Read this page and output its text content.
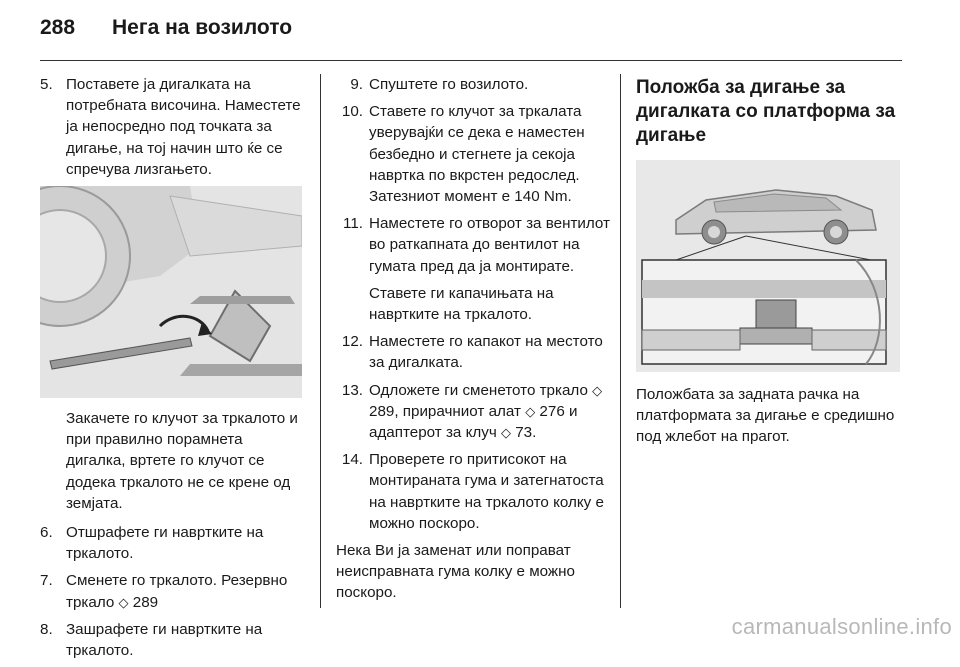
288	Нега на возилото
5. Поставете ја дигалката на потребната височина. Наместете ја непосредно под точката за дигање, на тој начин што ќе се спречува лизгањето.
Закачете го клучот за тркалото и при правилно порамнета дигалка, вртете го клучот се додека тркалото не се крене од земјата.
6. Отшрафете ги навртките на тркалото.
7. Сменете го тркалото. Резервно тркало ◇ 289
8. Зашрафете ги навртките на тркалото.
9. Спуштете го возилото.
10. Ставете го клучот за тркалата уверувајќи се дека е наместен безбедно и стегнете ја секоја навртка по вкрстен редослед. Затезниот момент е 140 Nm.
11. Наместете го отворот за вентилот во раткапната до вентилот на гумата пред да ја монтирате.
Ставете ги капачињата на навртките на тркалото.
12. Наместете го капакот на местото за дигалката.
13. Одложете ги сменетото тркало ◇ 289, прирачниот алат ◇ 276 и адаптерот за клуч ◇ 73.
14. Проверете го притисокот на монтираната гума и затегнатоста на навртките на тркалото колку е можно поскоро.
Нека Ви ја заменат или поправат неисправната гума колку е можно поскоро.
Положба за дигање за дигалката со платформа за дигање
Положбата за задната рачка на платформата за дигање е средишно под жлебот на прагот.
carmanualsonline.info
